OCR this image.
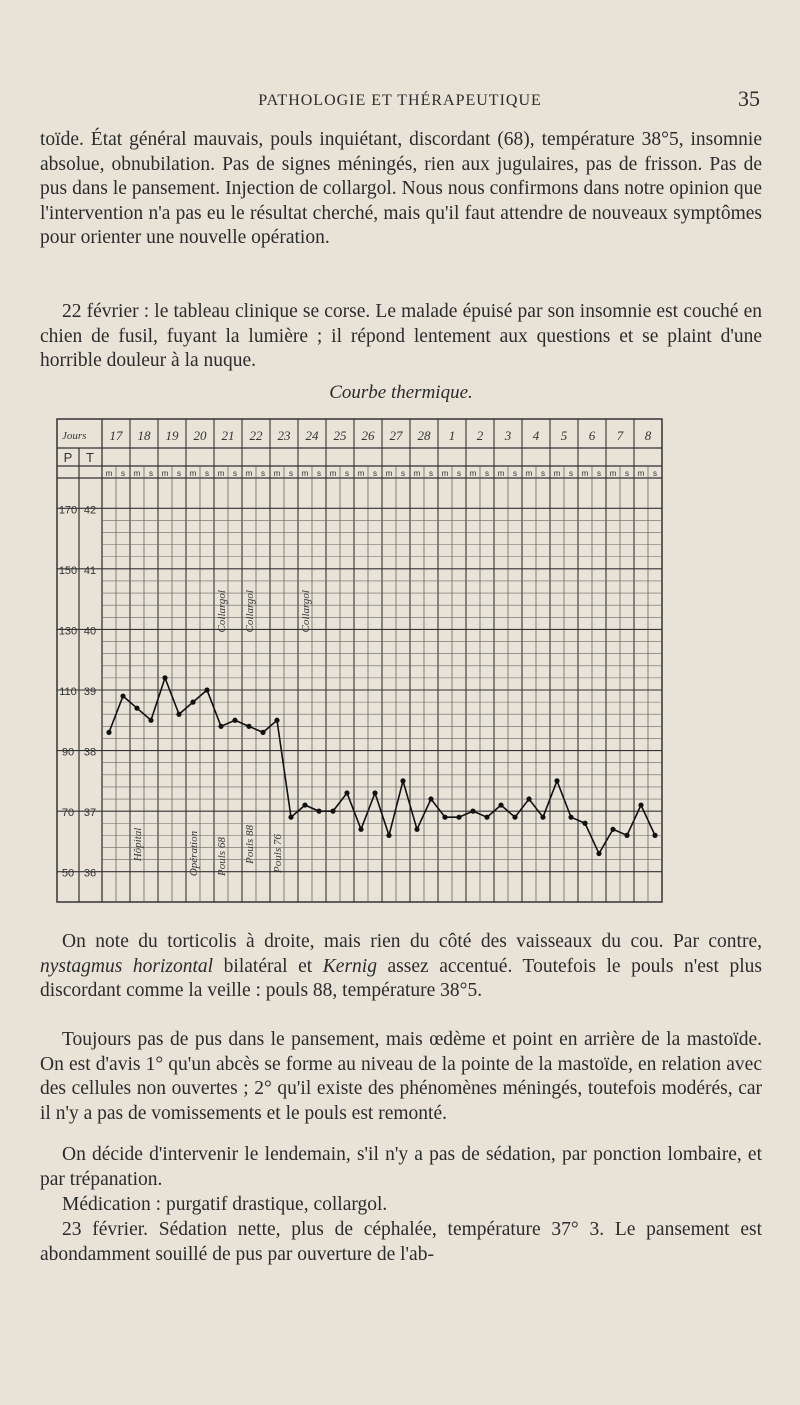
PATHOLOGIE ET THÉRAPEUTIQUE	35

toïde. État général mauvais, pouls inquiétant, discordant (68), température 38°5, insomnie absolue, obnubilation. Pas de signes méningés, rien aux jugulaires, pas de frisson. Pas de pus dans le pansement. Injection de collargol. Nous nous confirmons dans notre opinion que l'intervention n'a pas eu le résultat cherché, mais qu'il faut attendre de nouveaux symptômes pour orienter une nouvelle opération.

22 février : le tableau clinique se corse. Le malade épuisé par son insomnie est couché en chien de fusil, fuyant la lumière ; il répond lentement aux questions et se plaint d'une horrible douleur à la nuque.

Courbe thermique.
Jours
P T
17
m s
18
m s
19
m s
20
m s
21
m s
22
m s
23
m s
24
m s
25
m s
26
m s
27
m s
28
m s
1
m s
2
m s
3
m s
4
m s
5
m s
6
m s
7
m s
8
m s
42
170
41
150
40
130
39
110
38
90
37
70
36
50
Hôpital	Opération Pouls 68 Pouls 88 Pouls 76
Collargol Collargol	Collargol

On note du torticolis à droite, mais rien du côté des vaisseaux du cou. Par contre, nystagmus horizontal bilatéral et Kernig assez accentué. Toutefois le pouls n'est plus discordant comme la veille : pouls 88, température 38°5.

Toujours pas de pus dans le pansement, mais œdème et point en arrière de la mastoïde. On est d'avis 1° qu'un abcès se forme au niveau de la pointe de la mastoïde, en relation avec des cellules non ouvertes ; 2° qu'il existe des phénomènes méningés, toutefois modérés, car il n'y a pas de vomissements et le pouls est remonté.

On décide d'intervenir le lendemain, s'il n'y a pas de sédation, par ponction lombaire, et par trépanation.

Médication : purgatif drastique, collargol.

23 février. Sédation nette, plus de céphalée, température 37° 3. Le pansement est abondamment souillé de pus par ouverture de l'ab-
